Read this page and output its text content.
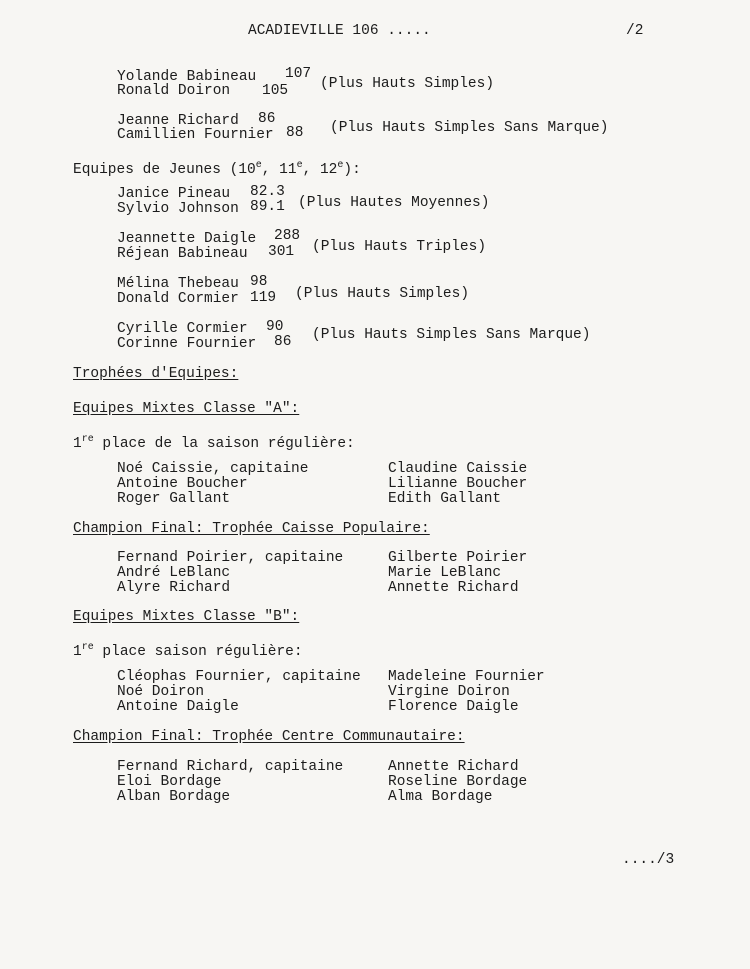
ACADIEVILLE 106 .....	/2
Yolande Babineau 107
Ronald Doiron 105 (Plus Hauts Simples)
Jeanne Richard 86
Camillien Fournier 88 (Plus Hauts Simples Sans Marque)
Equipes de Jeunes (10e, 11e, 12e):
Janice Pineau 82.3
Sylvio Johnson 89.1 (Plus Hautes Moyennes)
Jeannette Daigle 288
Réjean Babineau 301 (Plus Hauts Triples)
Mélina Thebeau 98
Donald Cormier 119 (Plus Hauts Simples)
Cyrille Cormier 90
Corinne Fournier 86 (Plus Hauts Simples Sans Marque)
Trophées d'Equipes:
Equipes Mixtes Classe "A":
1re place de la saison régulière:
Noé Caissie, capitaine
Antoine Boucher
Roger Gallant
Claudine Caissie
Lilianne Boucher
Edith Gallant
Champion Final: Trophée Caisse Populaire:
Fernand Poirier, capitaine
André LeBlanc
Alyre Richard
Gilberte Poirier
Marie LeBlanc
Annette Richard
Equipes Mixtes Classe "B":
1re place saison régulière:
Cléophas Fournier, capitaine
Noé Doiron
Antoine Daigle
Madeleine Fournier
Virgine Doiron
Florence Daigle
Champion Final: Trophée Centre Communautaire:
Fernand Richard, capitaine
Eloi Bordage
Alban Bordage
Annette Richard
Roseline Bordage
Alma Bordage
..../3
